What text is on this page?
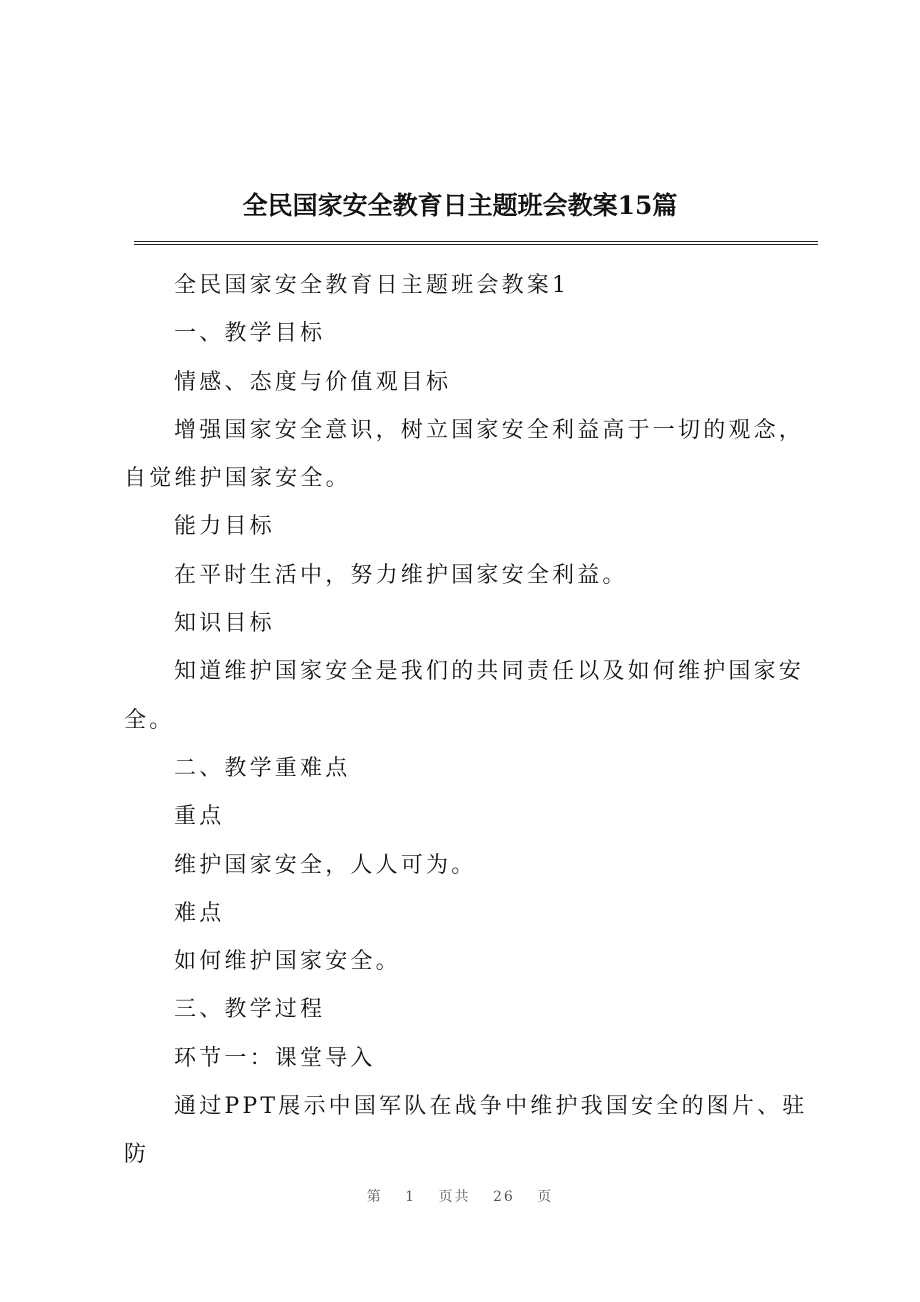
全民国家安全教育日主题班会教案15篇

全民国家安全教育日主题班会教案1

一、教学目标

情感、态度与价值观目标

增强国家安全意识，树立国家安全利益高于一切的观念，自觉维护国家安全。

能力目标

在平时生活中，努力维护国家安全利益。

知识目标

知道维护国家安全是我们的共同责任以及如何维护国家安全。

二、教学重难点

重点

维护国家安全，人人可为。

难点

如何维护国家安全。

三、教学过程

环节一：课堂导入

通过PPT展示中国军队在战争中维护我国安全的图片、驻防

第 1 页共 26 页
